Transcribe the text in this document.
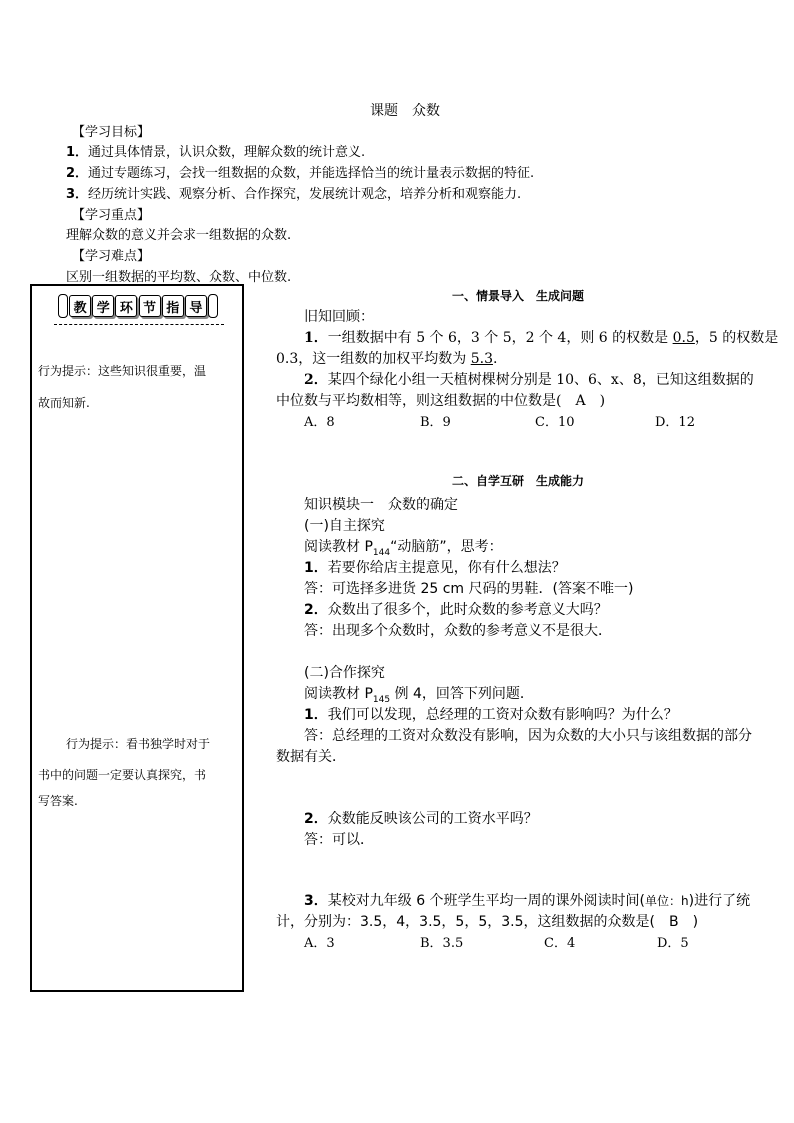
课题　众数
【学习目标】
1．通过具体情景，认识众数，理解众数的统计意义.
2．通过专题练习，会找一组数据的众数，并能选择恰当的统计量表示数据的特征.
3．经历统计实践、观察分析、合作探究，发展统计观念，培养分析和观察能力.
【学习重点】
理解众数的意义并会求一组数据的众数.
【学习难点】
区别一组数据的平均数、众数、中位数.
教 学 环 节 指 导
行为提示：这些知识很重要，温
故而知新.
行为提示：看书独学时对于
书中的问题一定要认真探究，书
写答案.
一、情景导入　生成问题
旧知回顾：
1．一组数据中有 5 个 6，3 个 5，2 个 4，则 6 的权数是 0.5，5 的权数是
0.3，这一组数的加权平均数为 5.3.
2．某四个绿化小组一天植树棵树分别是 10、6、x、8，已知这组数据的
中位数与平均数相等，则这组数据的中位数是(　A　)
A．8	B．9	C．10	D．12
二、自学互研　生成能力
知识模块一　众数的确定
(一)自主探究
阅读教材 $P_{144}“$动脑筋”，思考：
1．若要你给店主提意见，你有什么想法？
答：可选择多进货 25 cm 尺码的男鞋．(答案不唯一)
2．众数出了很多个，此时众数的参考意义大吗？
答：出现多个众数时，众数的参考意义不是很大．
(二)合作探究
阅读教材 $P_{145}$ 例 4，回答下列问题．
1．我们可以发现，总经理的工资对众数有影响吗？为什么？
答：总经理的工资对众数没有影响，因为众数的大小只与该组数据的部分
数据有关．
2．众数能反映该公司的工资水平吗？
答：可以．
3．某校对九年级 6 个班学生平均一周的课外阅读时间(单位：h)进行了统
计，分别为：3.5，4，3.5，5，5，3.5，这组数据的众数是(　B　)
A．3	B．3.5	C．4	D．5
